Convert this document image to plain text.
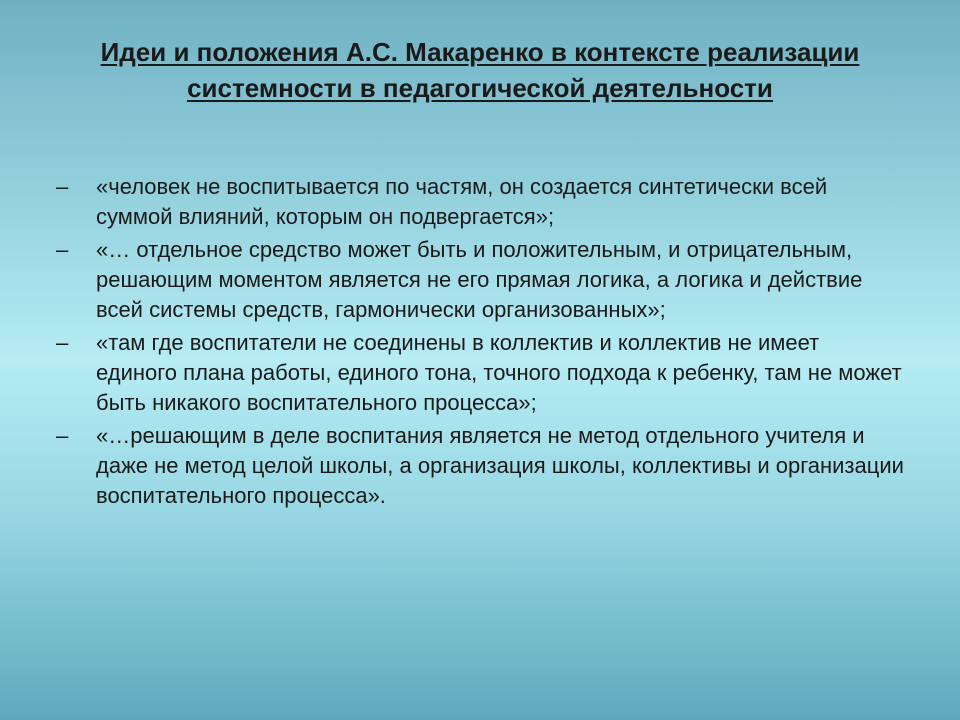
Идеи и положения А.С. Макаренко в контексте реализации системности в педагогической деятельности
– «человек не воспитывается по частям, он создается синтетически всей суммой влияний, которым он подвергается»;
– «… отдельное средство может быть и положительным, и отрицательным, решающим моментом является не его прямая логика, а логика и действие всей системы средств, гармонически организованных»;
– «там где воспитатели не соединены в коллектив и коллектив не имеет единого плана работы, единого тона, точного подхода к ребенку, там не может быть никакого воспитательного процесса»;
– «…решающим в деле воспитания является не метод отдельного учителя и даже не метод целой школы, а организация школы, коллективы и организации воспитательного процесса».
